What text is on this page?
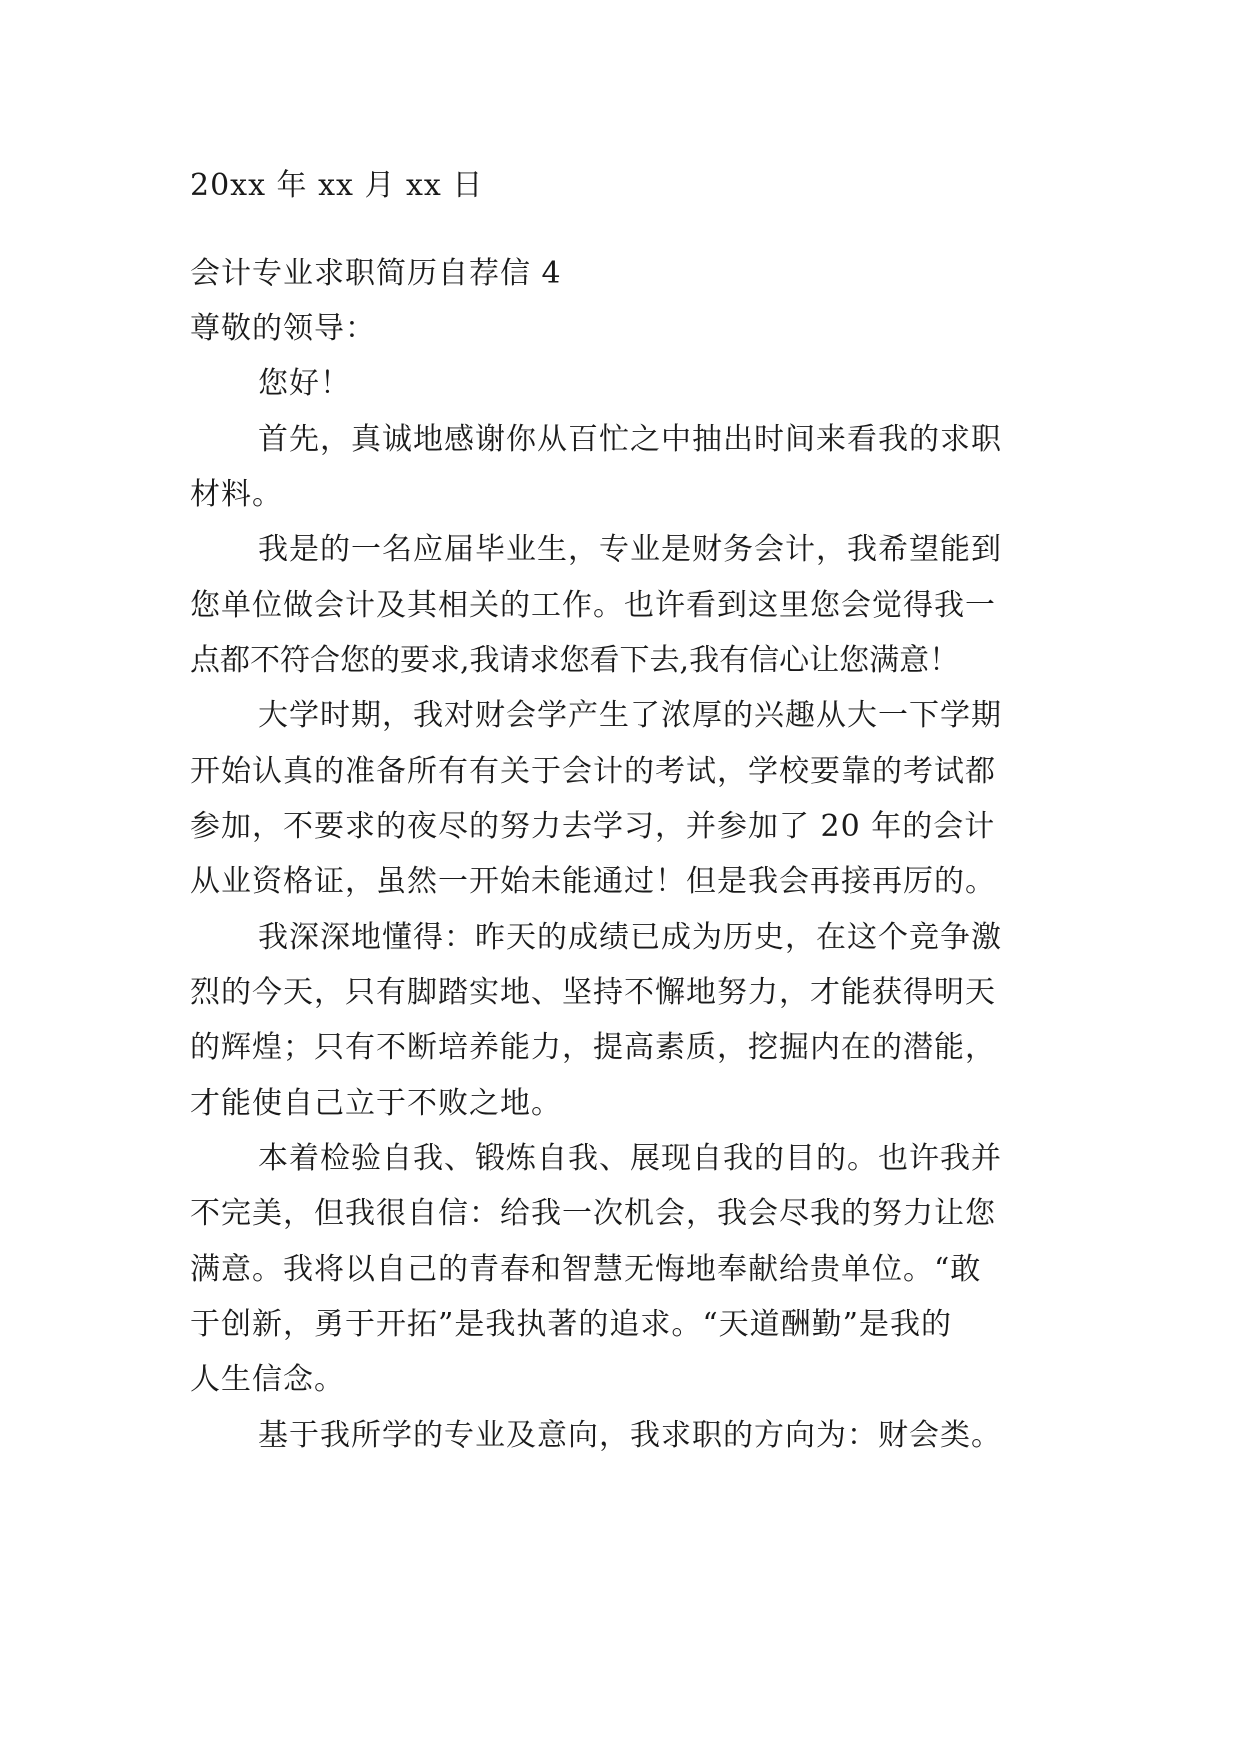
20xx 年 xx 月 xx 日
会计专业求职简历自荐信 4
尊敬的领导：
您好！
首先，真诚地感谢你从百忙之中抽出时间来看我的求职
材料。
我是的一名应届毕业生，专业是财务会计，我希望能到
您单位做会计及其相关的工作。也许看到这里您会觉得我一
点都不符合您的要求,我请求您看下去,我有信心让您满意！
大学时期，我对财会学产生了浓厚的兴趣从大一下学期
开始认真的准备所有有关于会计的考试，学校要靠的考试都
参加，不要求的夜尽的努力去学习，并参加了 20 年的会计
从业资格证，虽然一开始未能通过！但是我会再接再厉的。
我深深地懂得：昨天的成绩已成为历史，在这个竞争激
烈的今天，只有脚踏实地、坚持不懈地努力，才能获得明天
的辉煌；只有不断培养能力，提高素质，挖掘内在的潜能，
才能使自己立于不败之地。
本着检验自我、锻炼自我、展现自我的目的。也许我并
不完美，但我很自信：给我一次机会，我会尽我的努力让您
满意。我将以自己的青春和智慧无悔地奉献给贵单位。“敢
于创新，勇于开拓”是我执著的追求。“天道酬勤”是我的
人生信念。
基于我所学的专业及意向，我求职的方向为：财会类。
